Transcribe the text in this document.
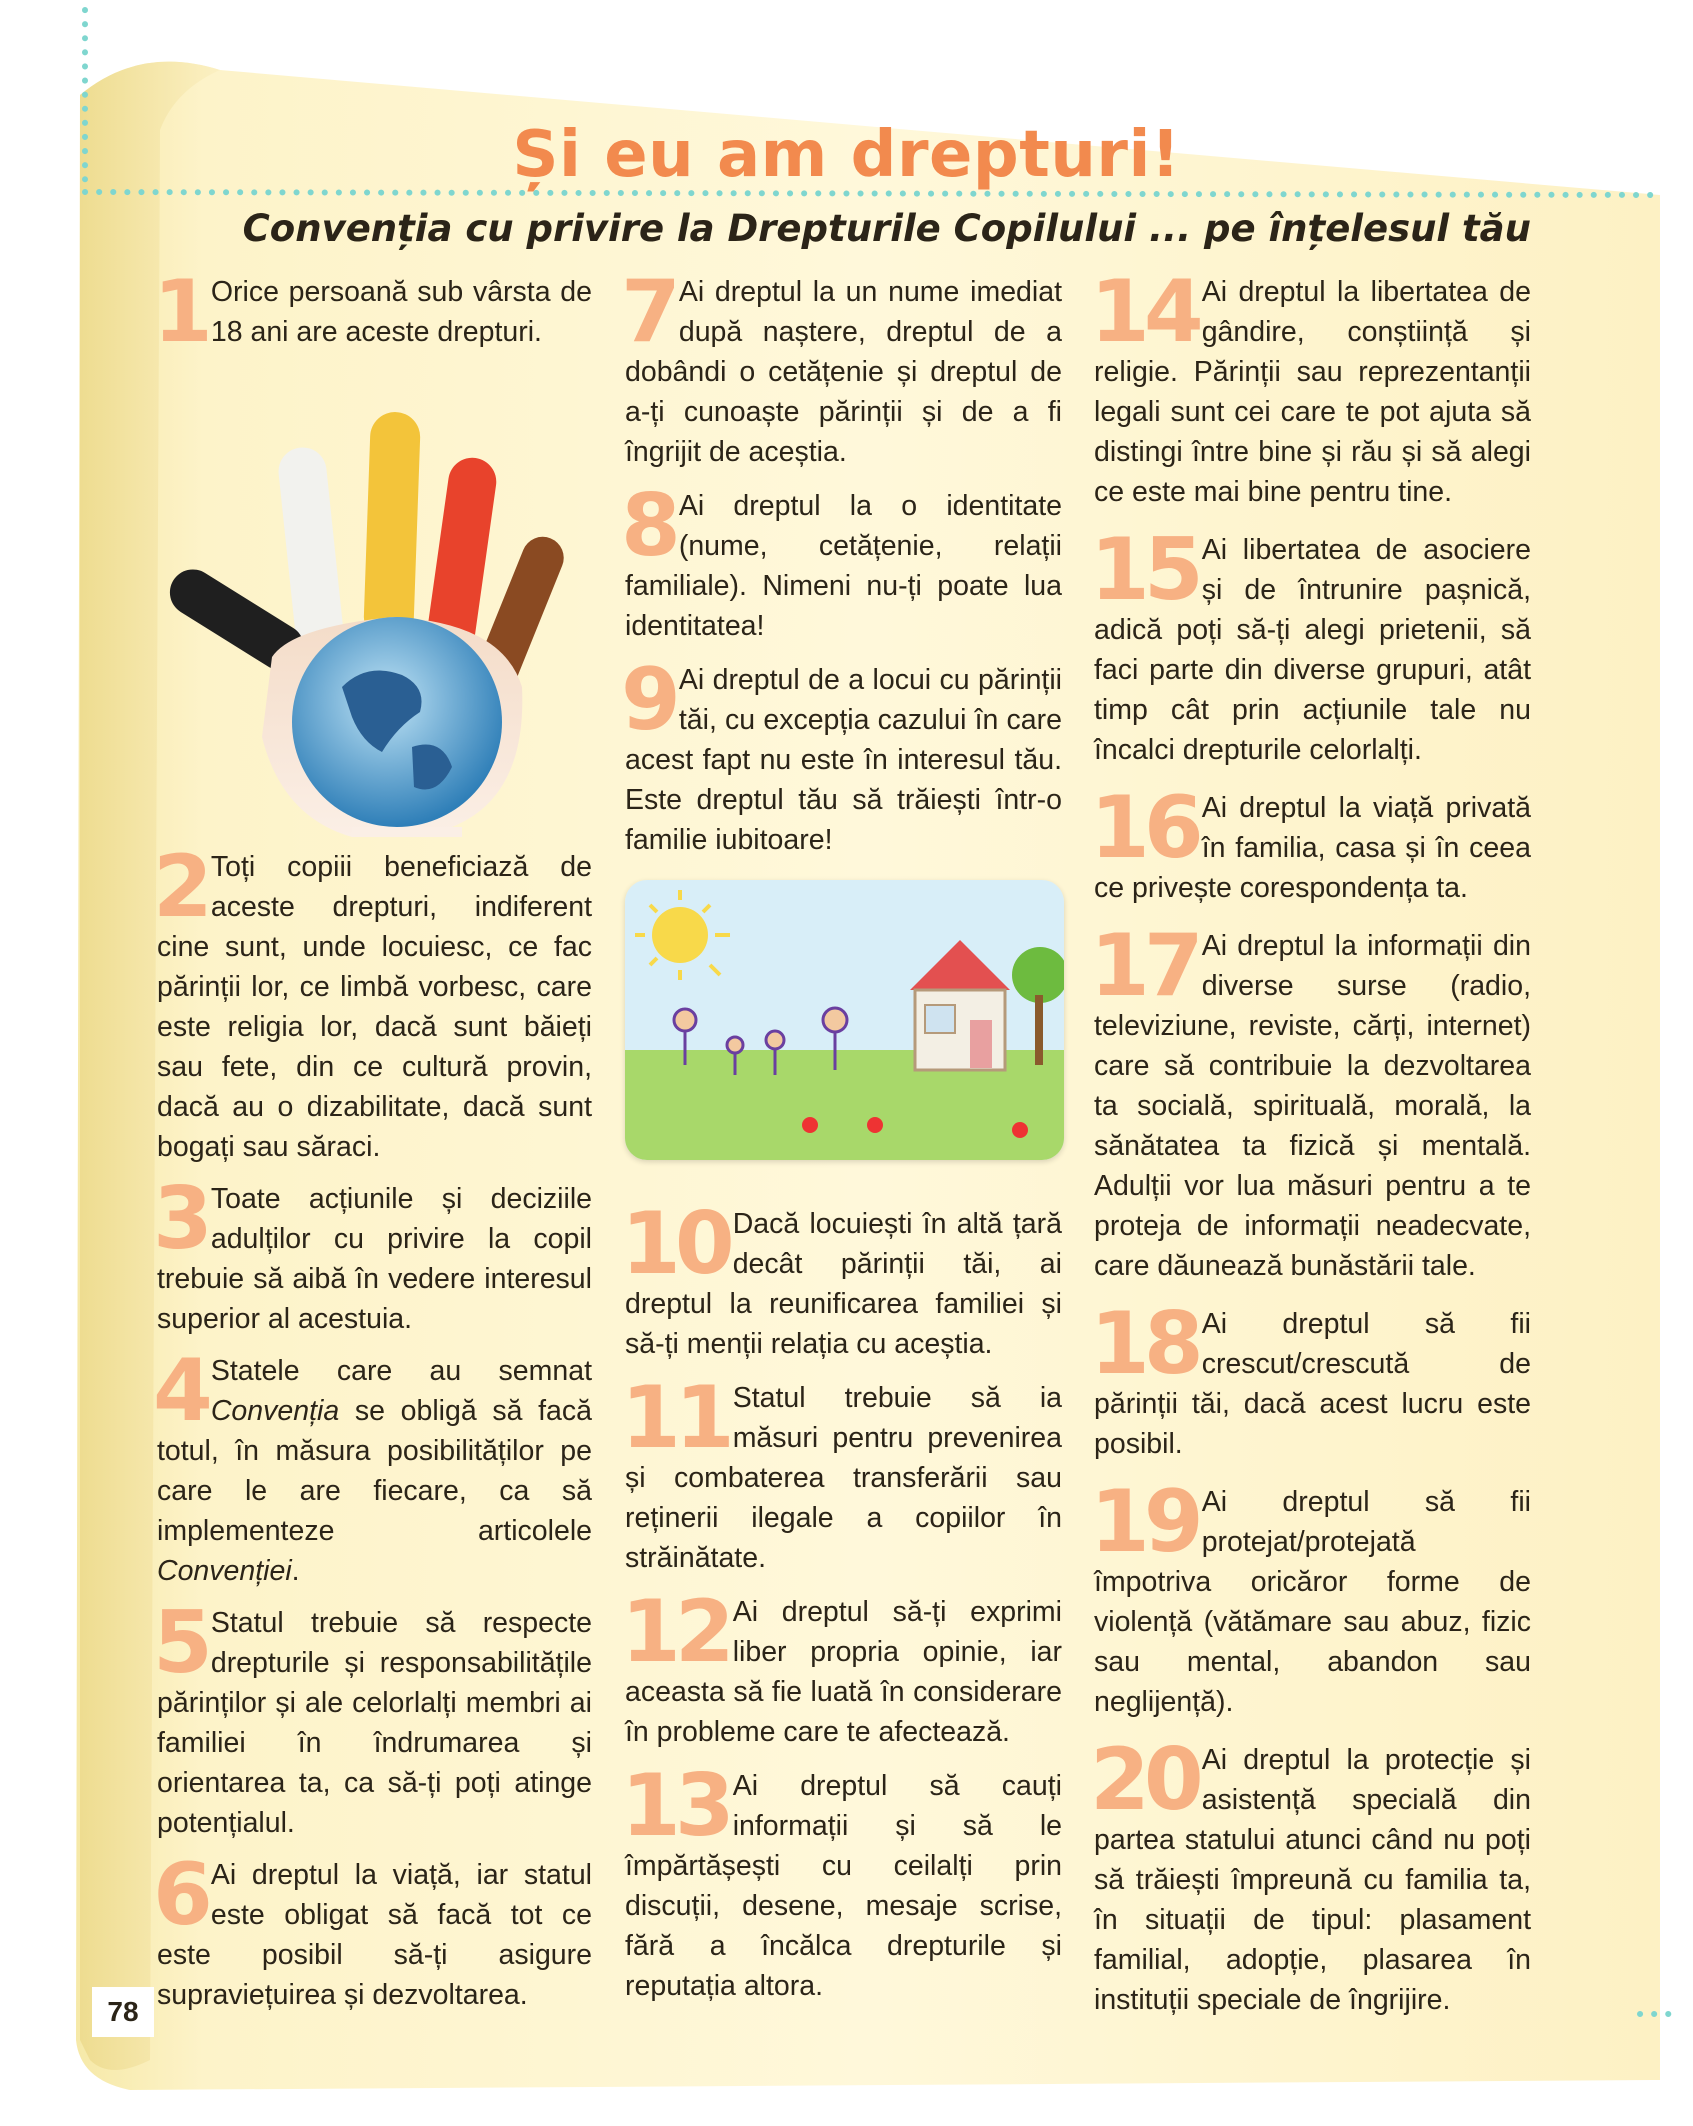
Și eu am drepturi!
Convenția cu privire la Drepturile Copilului ... pe înțelesul tău
1 Orice persoană sub vârsta de 18 ani are aceste drepturi.
2 Toți copiii beneficiază de aceste drepturi, indiferent cine sunt, unde locuiesc, ce fac părinții lor, ce limbă vorbesc, care este religia lor, dacă sunt băieți sau fete, din ce cultură provin, dacă au o dizabilitate, dacă sunt bogați sau săraci.
3 Toate acțiunile și deciziile adulților cu privire la copil trebuie să aibă în vedere interesul superior al acestuia.
4 Statele care au semnat Convenția se obligă să facă totul, în măsura posibilităților pe care le are fiecare, ca să implementeze articolele Convenției.
5 Statul trebuie să respecte drepturile și responsabilitățile părinților și ale celorlalți membri ai familiei în îndrumarea și orientarea ta, ca să-ți poți atinge potențialul.
6 Ai dreptul la viață, iar statul este obligat să facă tot ce este posibil să-ți asigure supraviețuirea și dezvoltarea.
7 Ai dreptul la un nume imediat după naștere, dreptul de a dobândi o cetățenie și dreptul de a-ți cunoaște părinții și de a fi îngrijit de aceștia.
8 Ai dreptul la o identitate (nume, cetățenie, relații familiale). Nimeni nu-ți poate lua identitatea!
9 Ai dreptul de a locui cu părinții tăi, cu excepția cazului în care acest fapt nu este în interesul tău. Este dreptul tău să trăiești într-o familie iubitoare!
10 Dacă locuiești în altă țară decât părinții tăi, ai dreptul la reunificarea familiei și să-ți menții relația cu aceștia.
11 Statul trebuie să ia măsuri pentru prevenirea și combaterea transferării sau reținerii ilegale a copiilor în străinătate.
12 Ai dreptul să-ți exprimi liber propria opinie, iar aceasta să fie luată în considerare în probleme care te afectează.
13 Ai dreptul să cauți informații și să le împărtășești cu ceilalți prin discuții, desene, mesaje scrise, fără a încălca drepturile și reputația altora.
14 Ai dreptul la libertatea de gândire, conștiință și religie. Părinții sau reprezentanții legali sunt cei care te pot ajuta să distingi între bine și rău și să alegi ce este mai bine pentru tine.
15 Ai libertatea de asociere și de întrunire pașnică, adică poți să-ți alegi prietenii, să faci parte din diverse grupuri, atât timp cât prin acțiunile tale nu încalci drepturile celorlalți.
16 Ai dreptul la viață privată în familia, casa și în ceea ce privește corespondența ta.
17 Ai dreptul la informații din diverse surse (radio, televiziune, reviste, cărți, internet) care să contribuie la dezvoltarea ta socială, spirituală, morală, la sănătatea ta fizică și mentală. Adulții vor lua măsuri pentru a te proteja de informații neadecvate, care dăunează bunăstării tale.
18 Ai dreptul să fii crescut/crescută de părinții tăi, dacă acest lucru este posibil.
19 Ai dreptul să fii protejat/protejată împotriva oricăror forme de violență (vătămare sau abuz, fizic sau mental, abandon sau neglijență).
20 Ai dreptul la protecție și asistență specială din partea statului atunci când nu poți să trăiești împreună cu familia ta, în situații de tipul: plasament familial, adopție, plasarea în instituții speciale de îngrijire.
78
